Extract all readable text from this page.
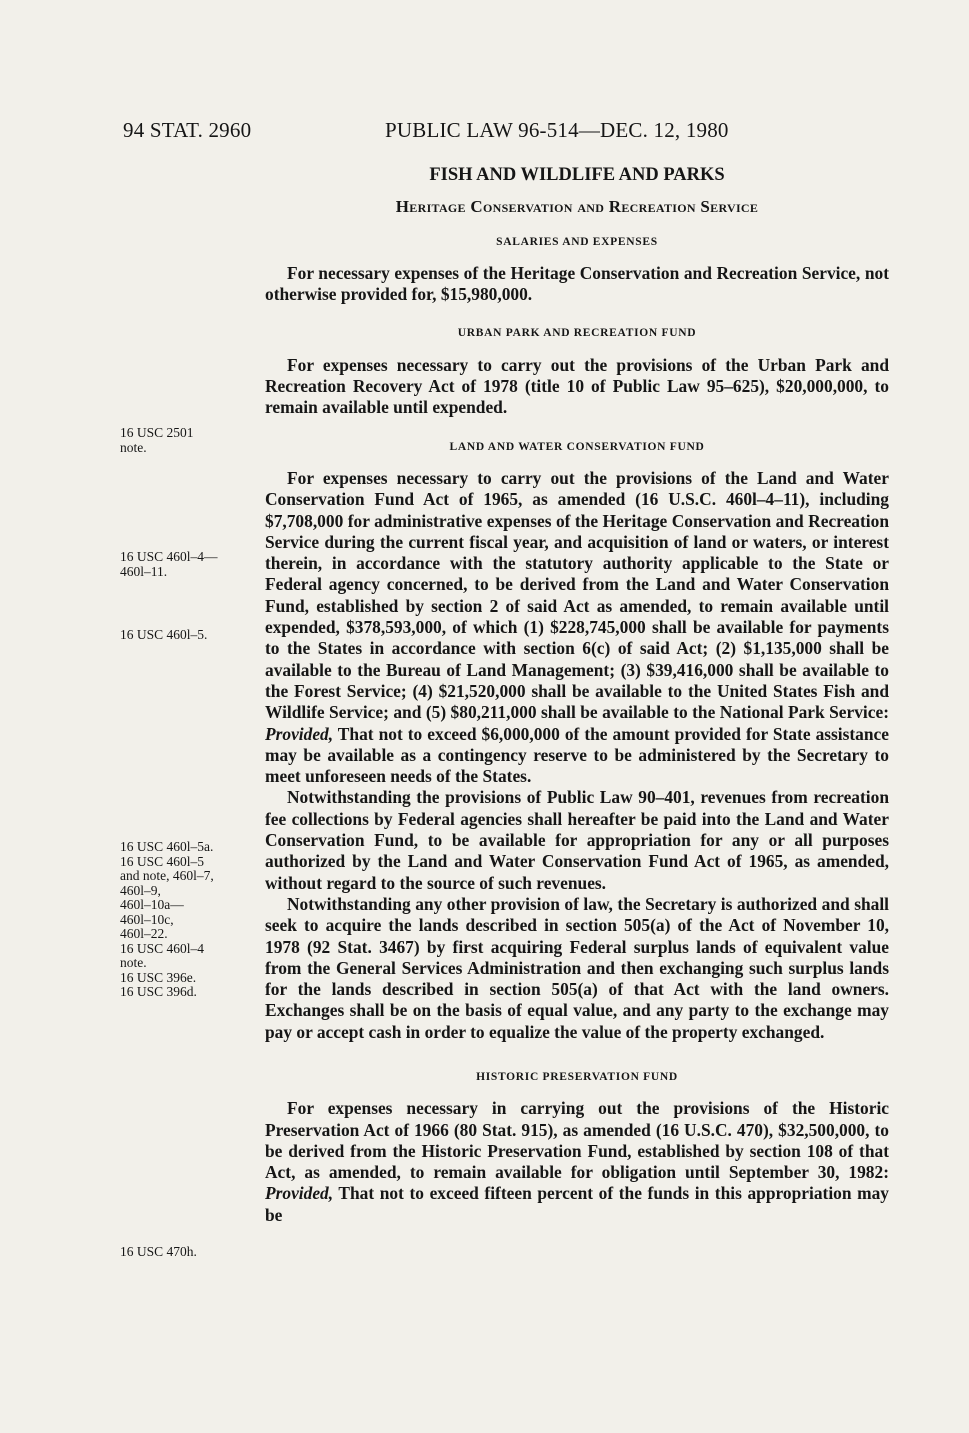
94 STAT. 2960	PUBLIC LAW 96-514—DEC. 12, 1980
16 USC 2501
note.
16 USC 460l–4—
460l–11.
16 USC 460l–5.
16 USC 460l–5a.
16 USC 460l–5
and note, 460l–7,
460l–9,
460l–10a—
460l–10c,
460l–22.
16 USC 460l–4
note.
16 USC 396e.
16 USC 396d.
16 USC 470h.
FISH AND WILDLIFE AND PARKS
Heritage Conservation and Recreation Service
SALARIES AND EXPENSES

For necessary expenses of the Heritage Conservation and Recreation Service, not otherwise provided for, $15,980,000.

URBAN PARK AND RECREATION FUND

For expenses necessary to carry out the provisions of the Urban Park and Recreation Recovery Act of 1978 (title 10 of Public Law 95–625), $20,000,000, to remain available until expended.

LAND AND WATER CONSERVATION FUND

For expenses necessary to carry out the provisions of the Land and Water Conservation Fund Act of 1965, as amended (16 U.S.C. 460l–4–11), including $7,708,000 for administrative expenses of the Heritage Conservation and Recreation Service during the current fiscal year, and acquisition of land or waters, or interest therein, in accordance with the statutory authority applicable to the State or Federal agency concerned, to be derived from the Land and Water Conservation Fund, established by section 2 of said Act as amended, to remain available until expended, $378,593,000, of which (1) $228,745,000 shall be available for payments to the States in accordance with section 6(c) of said Act; (2) $1,135,000 shall be available to the Bureau of Land Management; (3) $39,416,000 shall be available to the Forest Service; (4) $21,520,000 shall be available to the United States Fish and Wildlife Service; and (5) $80,211,000 shall be available to the National Park Service: Provided, That not to exceed $6,000,000 of the amount provided for State assistance may be available as a contingency reserve to be administered by the Secretary to meet unforeseen needs of the States.

Notwithstanding the provisions of Public Law 90–401, revenues from recreation fee collections by Federal agencies shall hereafter be paid into the Land and Water Conservation Fund, to be available for appropriation for any or all purposes authorized by the Land and Water Conservation Fund Act of 1965, as amended, without regard to the source of such revenues.

Notwithstanding any other provision of law, the Secretary is authorized and shall seek to acquire the lands described in section 505(a) of the Act of November 10, 1978 (92 Stat. 3467) by first acquiring Federal surplus lands of equivalent value from the General Services Administration and then exchanging such surplus lands for the lands described in section 505(a) of that Act with the land owners. Exchanges shall be on the basis of equal value, and any party to the exchange may pay or accept cash in order to equalize the value of the property exchanged.

HISTORIC PRESERVATION FUND

For expenses necessary in carrying out the provisions of the Historic Preservation Act of 1966 (80 Stat. 915), as amended (16 U.S.C. 470), $32,500,000, to be derived from the Historic Preservation Fund, established by section 108 of that Act, as amended, to remain available for obligation until September 30, 1982: Provided, That not to exceed fifteen percent of the funds in this appropriation may be
